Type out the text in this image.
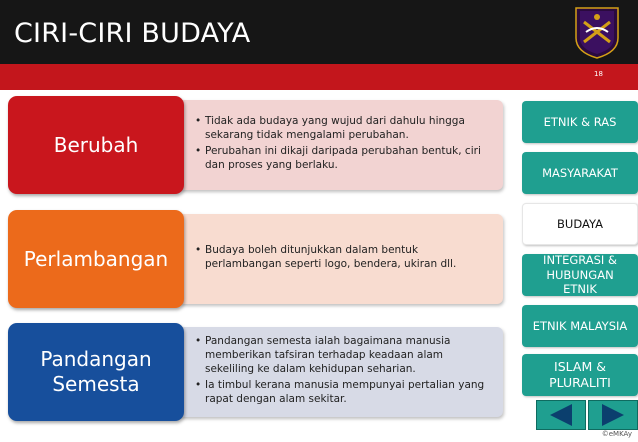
CIRI-CIRI BUDAYA
18
• Tidak ada budaya yang wujud dari dahulu hingga sekarang tidak mengalami perubahan.
• Perubahan ini dikaji daripada perubahan bentuk, ciri dan proses yang berlaku.
Berubah
• Budaya boleh ditunjukkan dalam bentuk perlambangan seperti logo, bendera, ukiran dll.
Perlambangan
• Pandangan semesta ialah bagaimana manusia memberikan tafsiran terhadap keadaan alam sekeliling ke dalam kehidupan seharian.
• Ia timbul kerana manusia mempunyai pertalian yang rapat dengan alam sekitar.
Pandangan Semesta
ETNIK & RAS
MASYARAKAT
BUDAYA
INTEGRASI & HUBUNGAN ETNIK
ETNIK MALAYSIA
ISLAM & PLURALITI
©eMKAy
